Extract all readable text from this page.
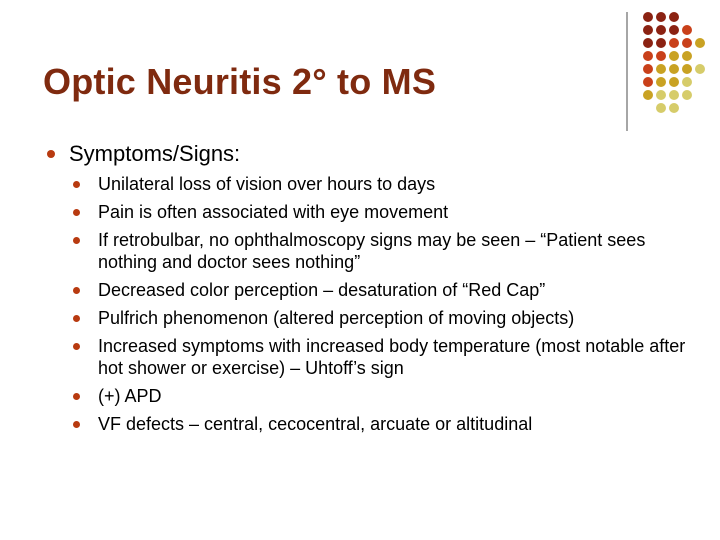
Optic Neuritis 2° to MS
Symptoms/Signs:
Unilateral loss of vision over hours to days
Pain is often associated with eye movement
If retrobulbar, no ophthalmoscopy signs may be seen – “Patient sees nothing and doctor sees nothing”
Decreased color perception – desaturation of “Red Cap”
Pulfrich phenomenon (altered perception of moving objects)
Increased symptoms with increased body temperature (most notable after hot shower or exercise) – Uhtoff’s sign
(+) APD
VF defects – central, cecocentral, arcuate or altitudinal
